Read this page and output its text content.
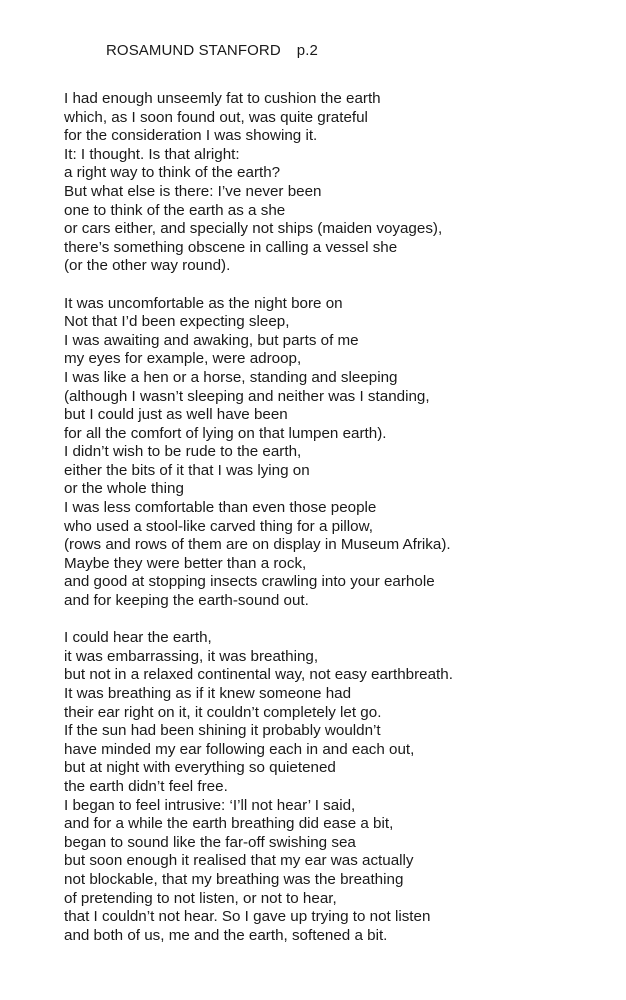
ROSAMUND STANFORD p.2
I had enough unseemly fat to cushion the earth
which, as I soon found out, was quite grateful
for the consideration I was showing it.
It: I thought. Is that alright:
a right way to think of the earth?
But what else is there: I’ve never been
one to think of the earth as a she
or cars either, and specially not ships (maiden voyages),
there’s something obscene in calling a vessel she
(or the other way round).
It was uncomfortable as the night bore on
Not that I’d been expecting sleep,
I was awaiting and awaking, but parts of me
my eyes for example, were adroop,
I was like a hen or a horse, standing and sleeping
(although I wasn’t sleeping and neither was I standing,
but I could just as well have been
for all the comfort of lying on that lumpen earth).
I didn’t wish to be rude to the earth,
either the bits of it that I was lying on
or the whole thing
I was less comfortable than even those people
who used a stool-like carved thing for a pillow,
(rows and rows of them are on display in Museum Afrika).
Maybe they were better than a rock,
and good at stopping insects crawling into your earhole
and for keeping the earth-sound out.
I could hear the earth,
it was embarrassing, it was breathing,
but not in a relaxed continental way, not easy earthbreath.
It was breathing as if it knew someone had
their ear right on it, it couldn’t completely let go.
If the sun had been shining it probably wouldn’t
have minded my ear following each in and each out,
but at night with everything so quietened
the earth didn’t feel free.
I began to feel intrusive: ‘I’ll not hear’ I said,
and for a while the earth breathing did ease a bit,
began to sound like the far-off swishing sea
but soon enough it realised that my ear was actually
not blockable, that my breathing was the breathing
of pretending to not listen, or not to hear,
that I couldn’t not hear. So I gave up trying to not listen
and both of us, me and the earth, softened a bit.
